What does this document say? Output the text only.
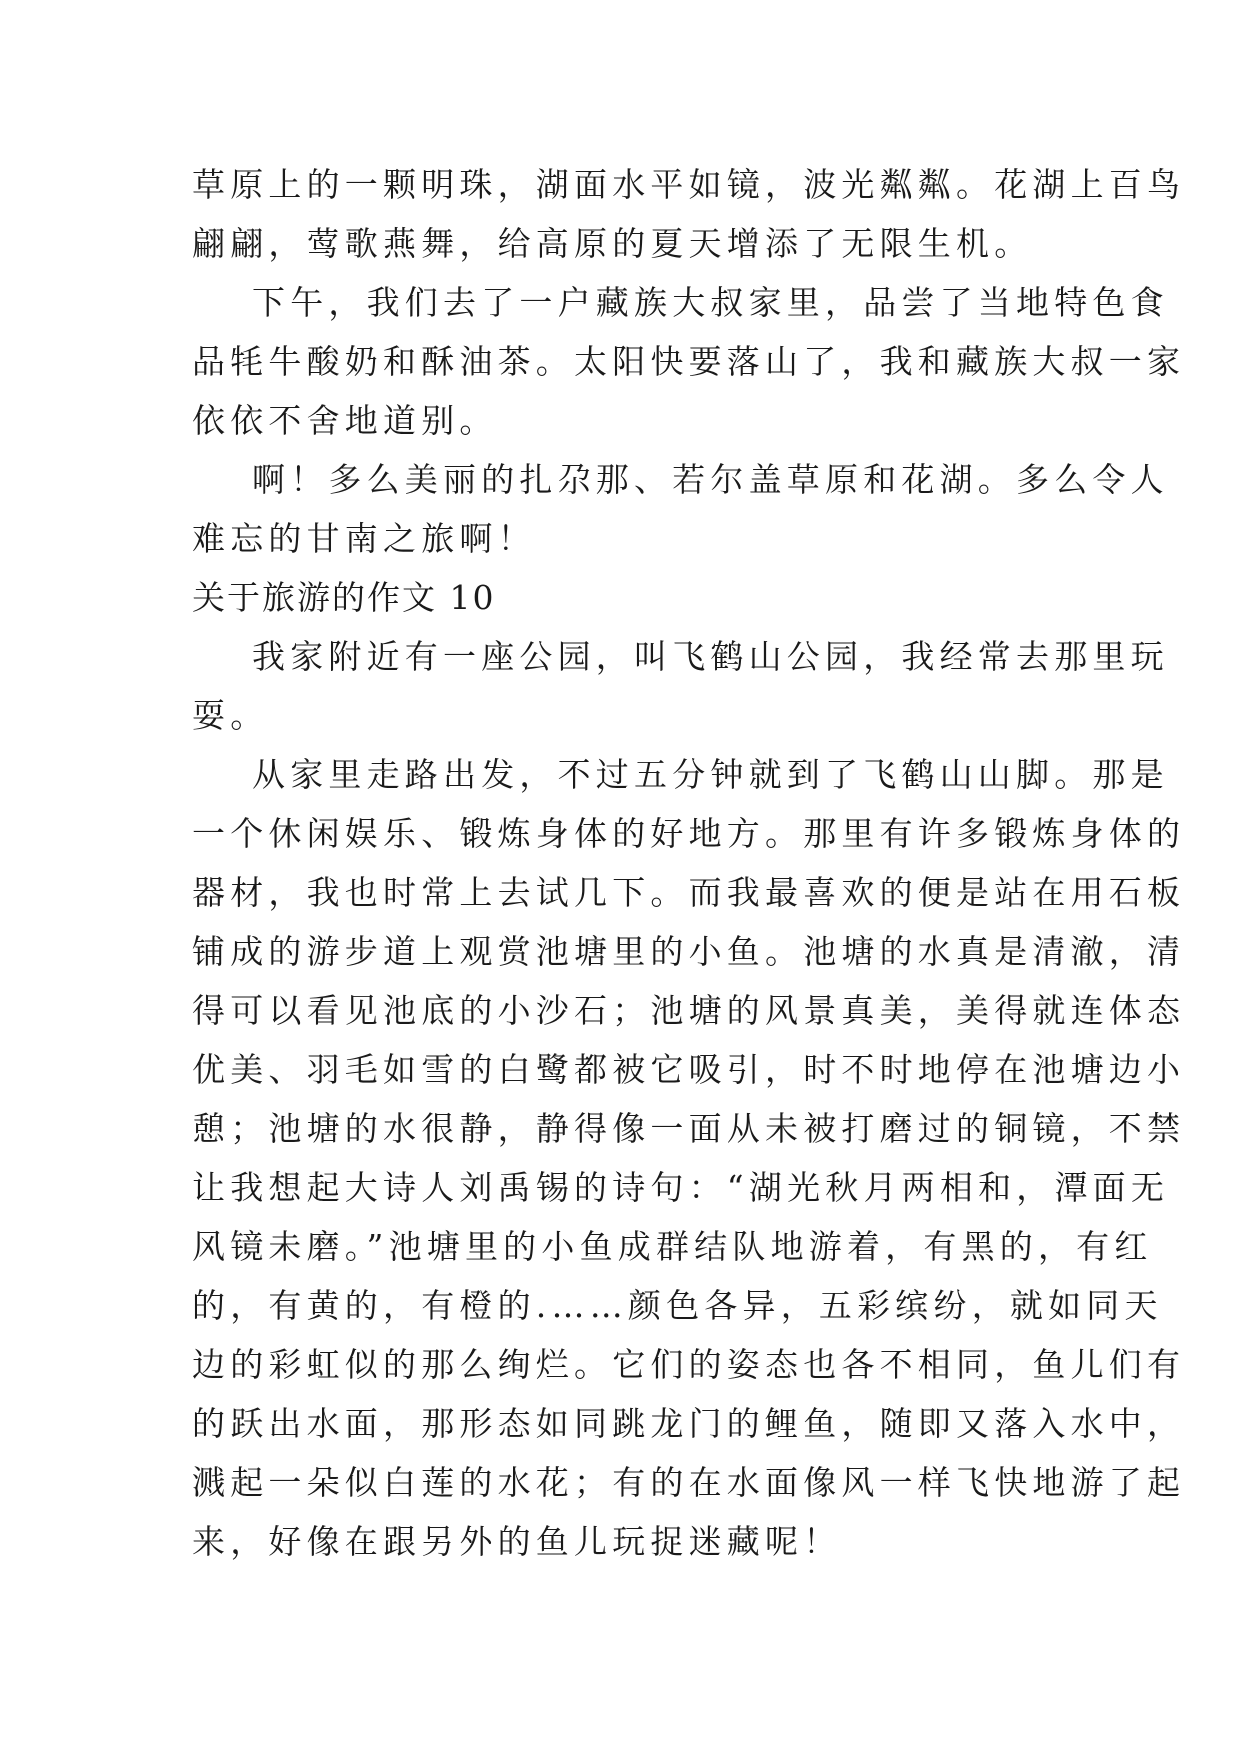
草原上的一颗明珠，湖面水平如镜，波光粼粼。花湖上百鸟
翩翩，莺歌燕舞，给高原的夏天增添了无限生机。
下午，我们去了一户藏族大叔家里，品尝了当地特色食
品牦牛酸奶和酥油茶。太阳快要落山了，我和藏族大叔一家
依依不舍地道别。
啊！多么美丽的扎尕那、若尔盖草原和花湖。多么令人
难忘的甘南之旅啊！
关于旅游的作文 10
我家附近有一座公园，叫飞鹤山公园，我经常去那里玩
耍。
从家里走路出发，不过五分钟就到了飞鹤山山脚。那是
一个休闲娱乐、锻炼身体的好地方。那里有许多锻炼身体的
器材，我也时常上去试几下。而我最喜欢的便是站在用石板
铺成的游步道上观赏池塘里的小鱼。池塘的水真是清澈，清
得可以看见池底的小沙石；池塘的风景真美，美得就连体态
优美、羽毛如雪的白鹭都被它吸引，时不时地停在池塘边小
憩；池塘的水很静，静得像一面从未被打磨过的铜镜，不禁
让我想起大诗人刘禹锡的诗句：“湖光秋月两相和，潭面无
风镜未磨。”池塘里的小鱼成群结队地游着，有黑的，有红
的，有黄的，有橙的.……颜色各异，五彩缤纷，就如同天
边的彩虹似的那么绚烂。它们的姿态也各不相同，鱼儿们有
的跃出水面，那形态如同跳龙门的鲤鱼，随即又落入水中，
溅起一朵似白莲的水花；有的在水面像风一样飞快地游了起
来，好像在跟另外的鱼儿玩捉迷藏呢！
